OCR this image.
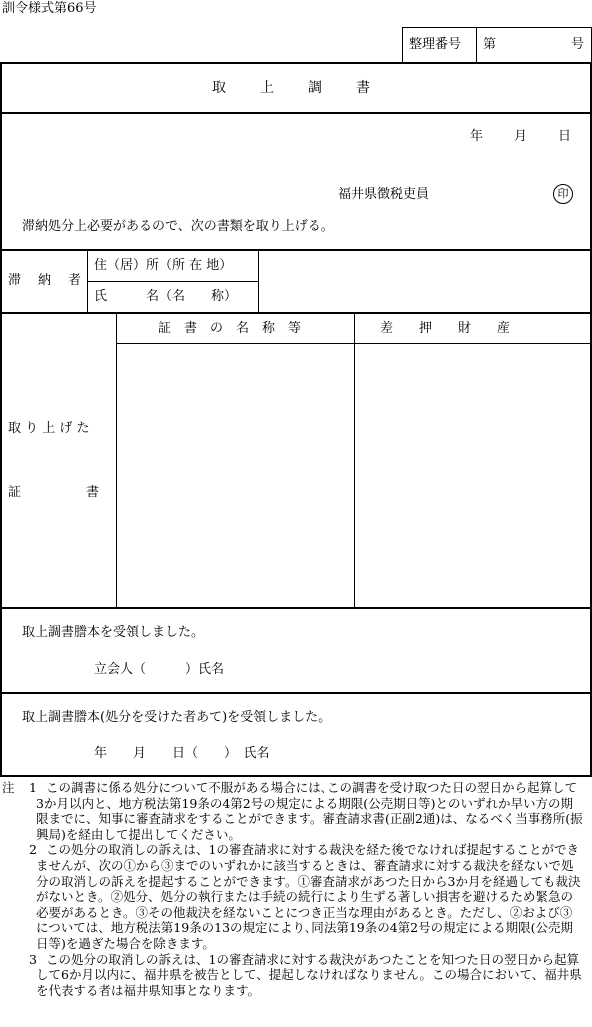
訓令様式第66号
整理番号 第	号
取　上　調　書
年 月 日
福井県徴税吏員	印
滞納処分上必要があるので、次の書類を取り上げる。
滞　納　者
住（居）所（所 在 地）
氏　　　名（名　　称）
証　書　の　名　称　等	差　　押　　財　　産
取 り 上 げ た
証　　　　　書
取上調書謄本を受領しました。
立会人（　　　）氏名
取上調書謄本(処分を受けた者あて)を受領しました。
年　　月　　日（　　）　氏名
注 1 この調書に係る処分について不服がある場合には､この調書を受け取つた日の翌日から起算して3か月以内と、地方税法第19条の4第2号の規定による期限(公売期日等)とのいずれか早い方の期限までに、知事に審査請求をすることができます。審査請求書(正副2通)は、なるべく当事務所(振興局)を経由して提出してください。
2 この処分の取消しの訴えは、1の審査請求に対する裁決を経た後でなければ提起することができませんが、次の①から③までのいずれかに該当するときは、審査請求に対する裁決を経ないで処分の取消しの訴えを提起することができます。①審査請求があつた日から3か月を経過しても裁決がないとき。②処分、処分の執行または手続の続行により生ずる著しい損害を避けるため緊急の必要があるとき。③その他裁決を経ないことにつき正当な理由があるとき。ただし、②および③については、地方税法第19条の13の規定により､同法第19条の4第2号の規定による期限(公売期日等)を過ぎた場合を除きます。
3 この処分の取消しの訴えは、1の審査請求に対する裁決があつたことを知つた日の翌日から起算して6か月以内に、福井県を被告として、提起しなければなりません。この場合において、福井県を代表する者は福井県知事となります。
